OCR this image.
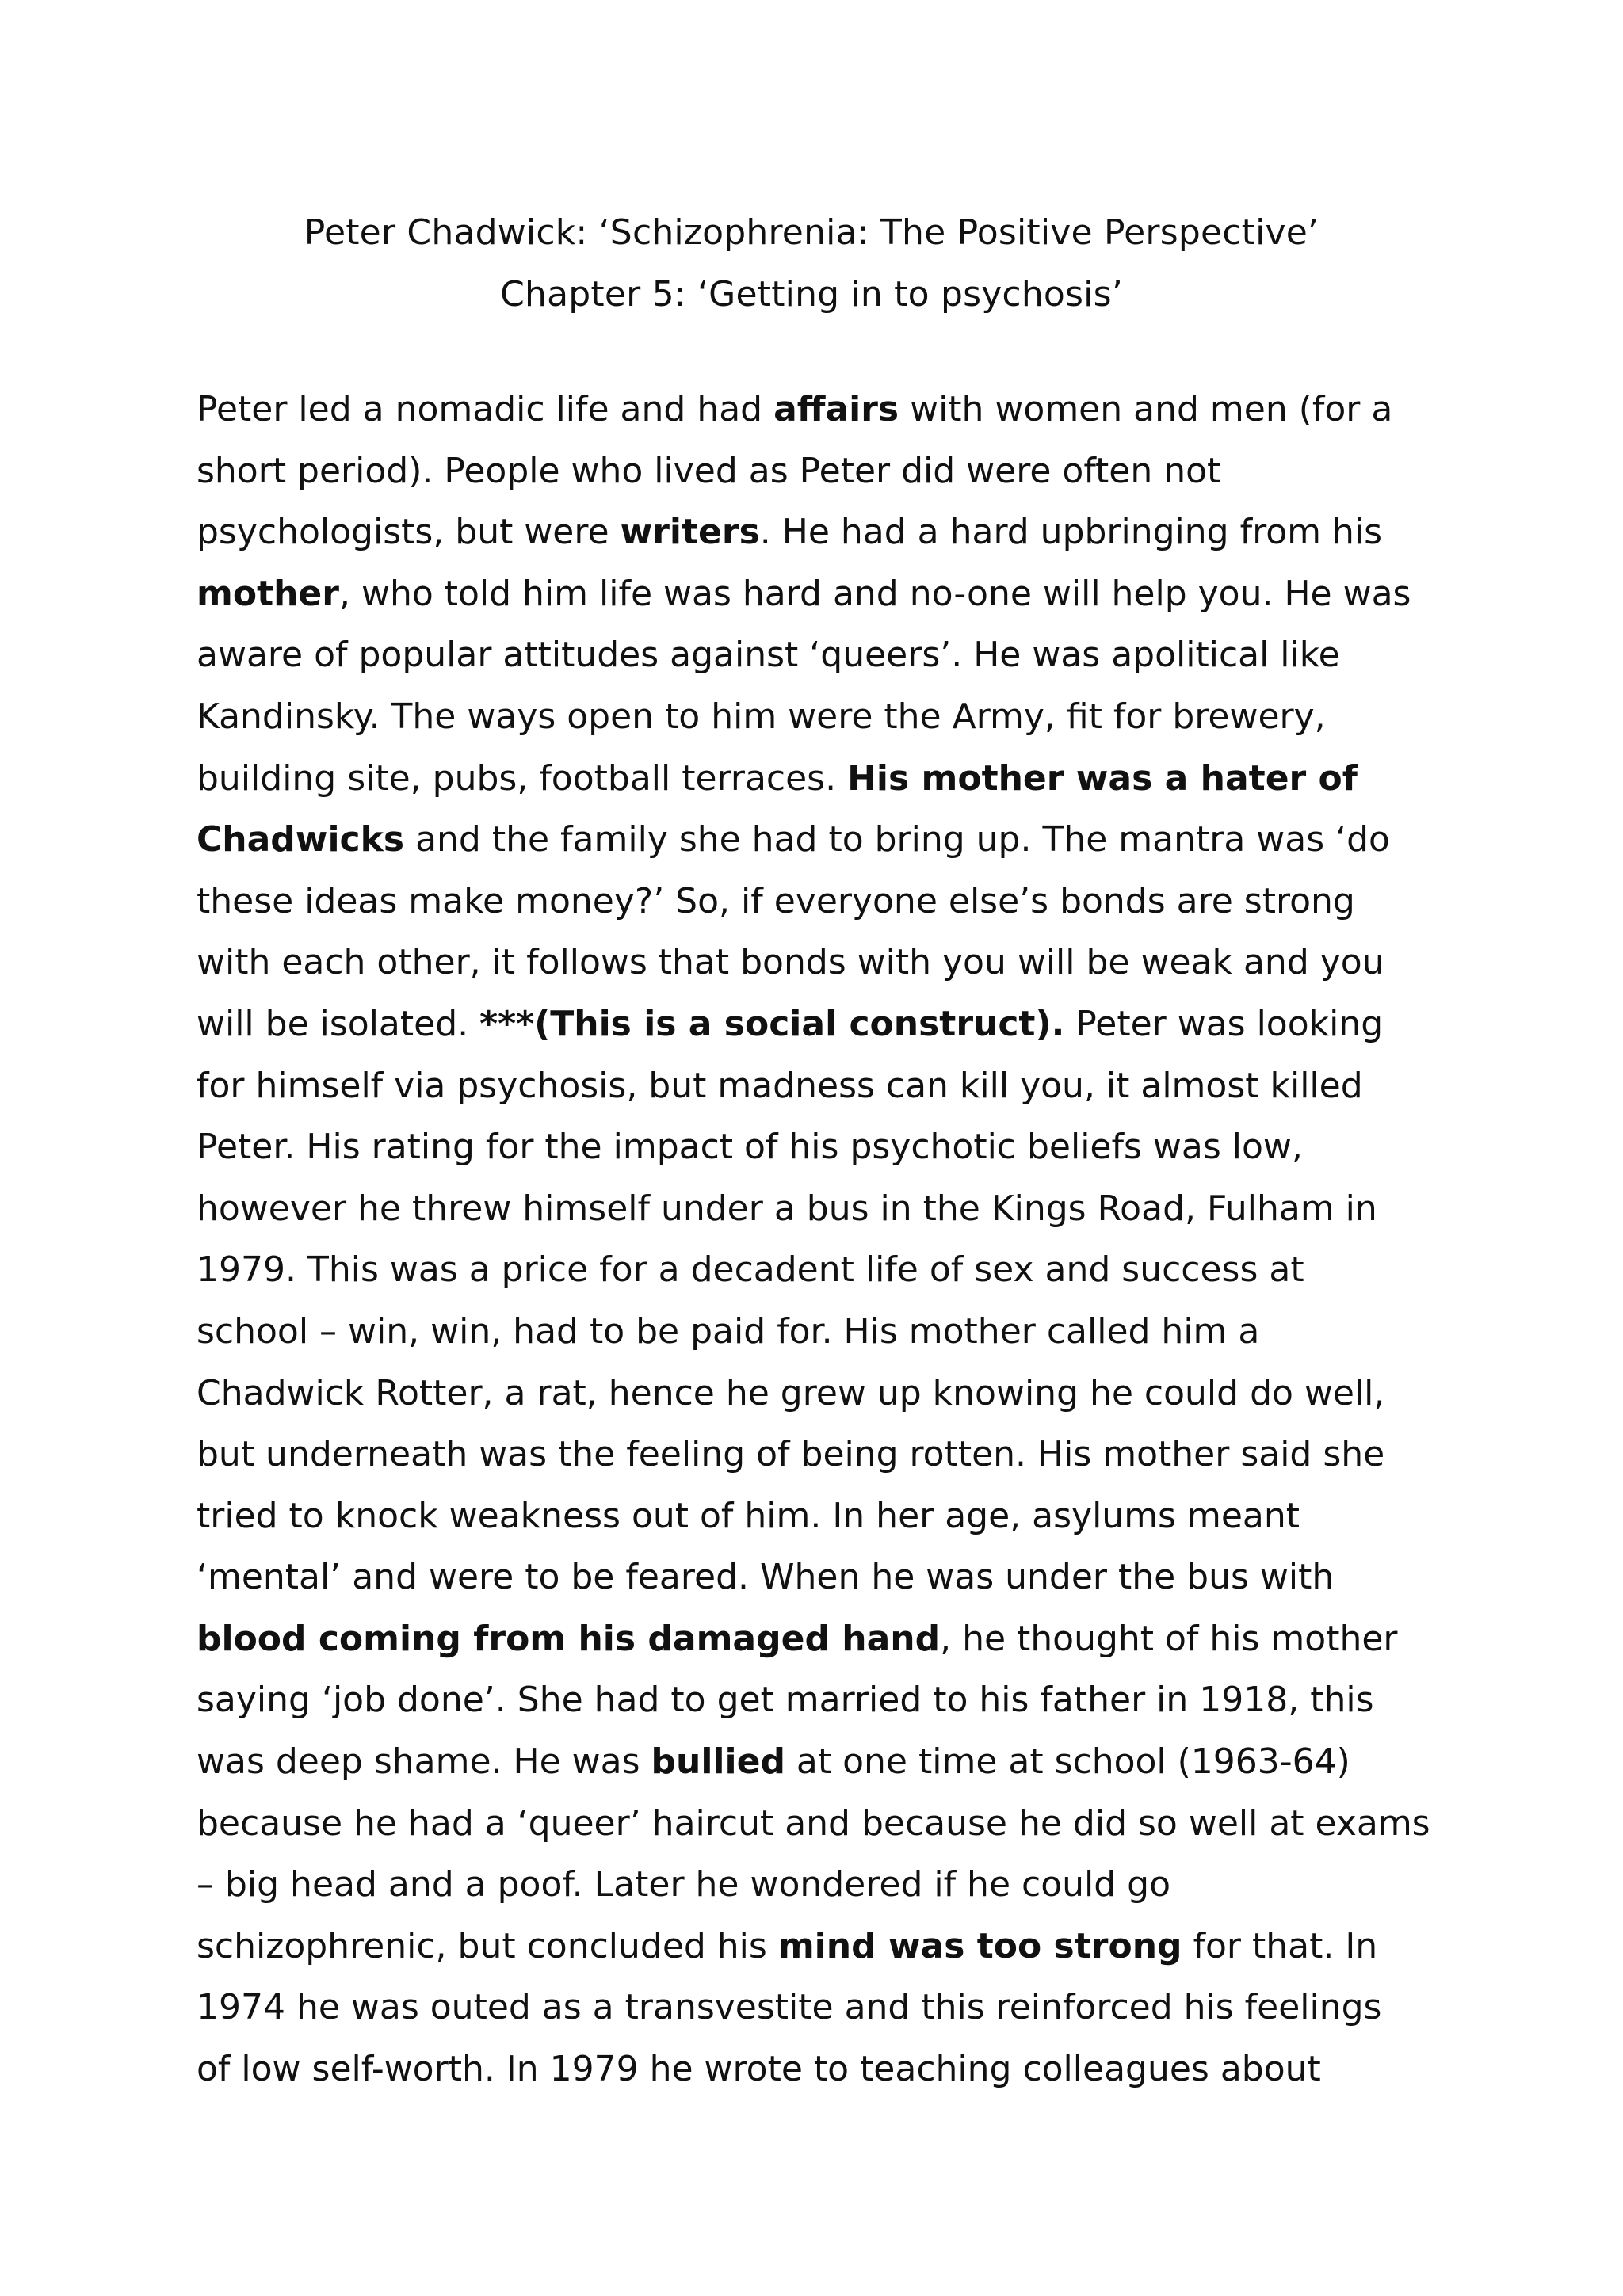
Peter Chadwick: ‘Schizophrenia: The Positive Perspective’
Chapter 5: ‘Getting in to psychosis’
Peter led a nomadic life and had affairs with women and men (for a
short period). People who lived as Peter did were often not
psychologists, but were writers. He had a hard upbringing from his
mother, who told him life was hard and no-one will help you. He was
aware of popular attitudes against ‘queers’. He was apolitical like
Kandinsky. The ways open to him were the Army, fit for brewery,
building site, pubs, football terraces. His mother was a hater of
Chadwicks and the family she had to bring up. The mantra was ‘do
these ideas make money?’ So, if everyone else’s bonds are strong
with each other, it follows that bonds with you will be weak and you
will be isolated. ***(This is a social construct). Peter was looking
for himself via psychosis, but madness can kill you, it almost killed
Peter. His rating for the impact of his psychotic beliefs was low,
however he threw himself under a bus in the Kings Road, Fulham in
1979. This was a price for a decadent life of sex and success at
school – win, win, had to be paid for. His mother called him a
Chadwick Rotter, a rat, hence he grew up knowing he could do well,
but underneath was the feeling of being rotten. His mother said she
tried to knock weakness out of him. In her age, asylums meant
‘mental’ and were to be feared. When he was under the bus with
blood coming from his damaged hand, he thought of his mother
saying ‘job done’. She had to get married to his father in 1918, this
was deep shame. He was bullied at one time at school (1963-64)
because he had a ‘queer’ haircut and because he did so well at exams
– big head and a poof. Later he wondered if he could go
schizophrenic, but concluded his mind was too strong for that. In
1974 he was outed as a transvestite and this reinforced his feelings
of low self-worth. In 1979 he wrote to teaching colleagues about
